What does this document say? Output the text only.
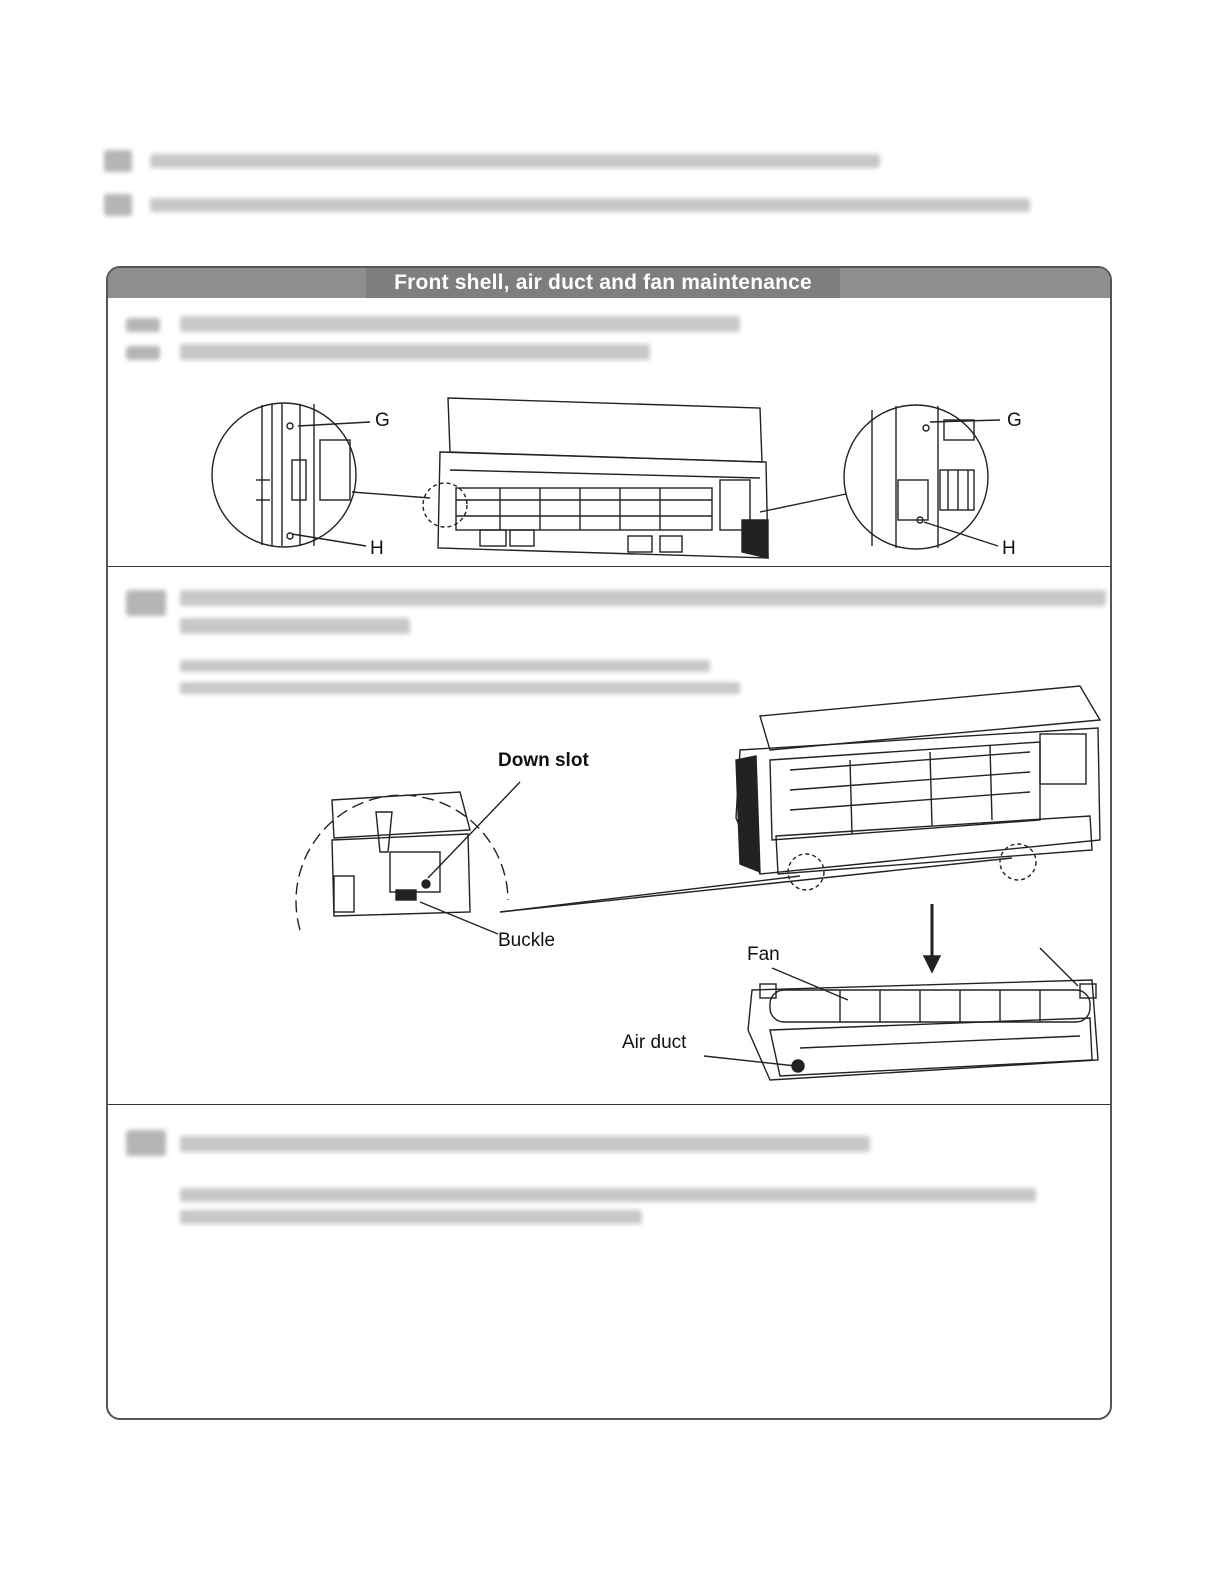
Front shell, air duct and fan maintenance
G
H
G
H
Down slot
Buckle
Fan
Air duct
